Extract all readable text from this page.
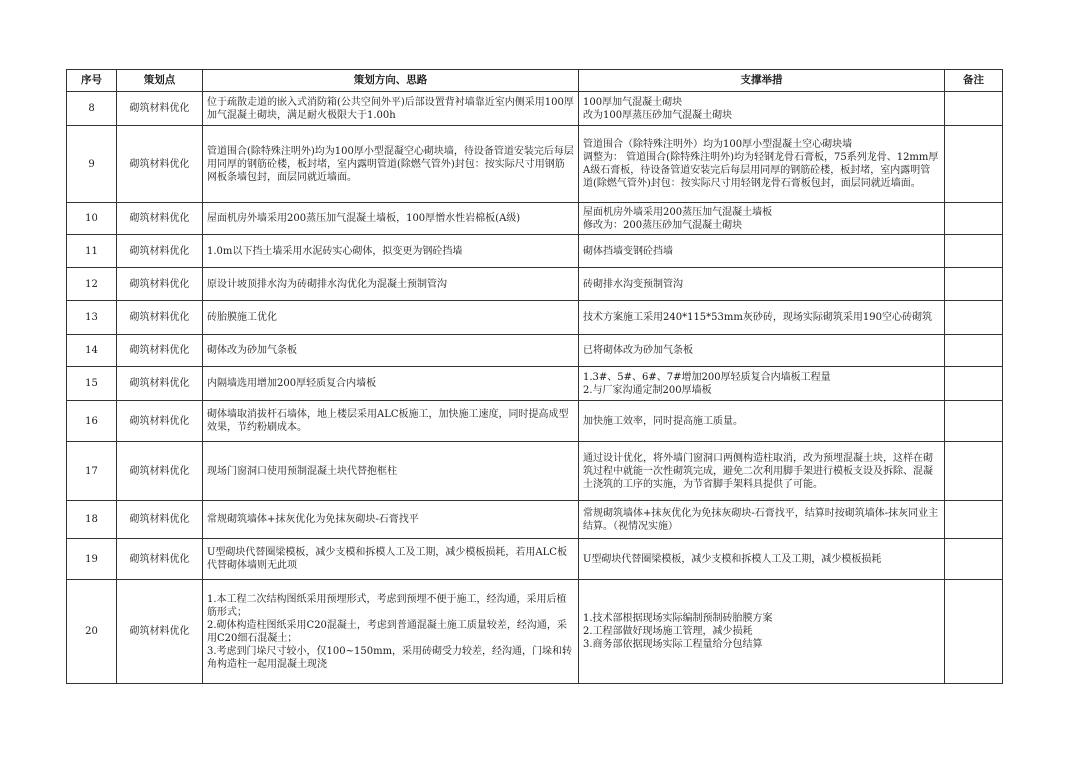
序号	策划点	策划方向、思路	支撑举措	备注
8	砌筑材料优化	位于疏散走道的嵌入式消防箱(公共空间外平)后部设置背衬墙靠近室内侧采用100厚加气混凝土砌块，满足耐火极限大于1.00h	100厚加气混凝土砌块
改为100厚蒸压砂加气混凝土砌块	
9	砌筑材料优化	管道围合(除特殊注明外)均为100厚小型混凝空心砌块墙，待设备管道安装完后每层用同厚的钢筋砼楼，板封堵，室内露明管道(除燃气管外)封包：按实际尺寸用钢筋网板条墙包封，面层同就近墙面。	管道围合（除特殊注明外）均为100厚小型混凝土空心砌块墙
调整为： 管道围合(除特殊注明外)均为轻钢龙骨石膏板，75系列龙骨、12mm厚A级石膏板，待设备管道安装完后每层用同厚的钢筋砼楼，板封堵，室内露明管道(除燃气管外)封包：按实际尺寸用轻钢龙骨石膏板包封，面层同就近墙面。	
10	砌筑材料优化	屋面机房外墙采用200蒸压加气混凝土墙板，100厚憎水性岩棉板(A级)	屋面机房外墙采用200蒸压加气混凝土墙板
修改为：200蒸压砂加气混凝土砌块	
11	砌筑材料优化	1.0m以下挡土墙采用水泥砖实心砌体，拟变更为钢砼挡墙	砌体挡墙变钢砼挡墙	
12	砌筑材料优化	原设计坡顶排水沟为砖砌排水沟优化为混凝土预制管沟	砖砌排水沟变预制管沟	
13	砌筑材料优化	砖胎膜施工优化	技术方案施工采用240*115*53mm灰砂砖，现场实际砌筑采用190空心砖砌筑	
14	砌筑材料优化	砌体改为砂加气条板	已将砌体改为砂加气条板	
15	砌筑材料优化	内隔墙选用增加200厚轻质复合内墙板	1.3#、5#、6#、7#增加200厚轻质复合内墙板工程量
2.与厂家沟通定制200厚墙板	
16	砌筑材料优化	砌体墙取消拔杆石墙体，地上楼层采用ALC板施工，加快施工速度，同时提高成型效果，节约粉刷成本。	加快施工效率，同时提高施工质量。	
17	砌筑材料优化	现场门窗洞口使用预制混凝土块代替抱框柱	通过设计优化，将外墙门窗洞口两侧构造柱取消，改为预埋混凝土块，这样在砌筑过程中就能一次性砌筑完成，避免二次利用脚手架进行模板支设及拆除、混凝土浇筑的工序的实施，为节省脚手架料具提供了可能。	
18	砌筑材料优化	常规砌筑墙体+抹灰优化为免抹灰砌块-石膏找平	常规砌筑墙体+抹灰优化为免抹灰砌块-石膏找平，结算时按砌筑墙体-抹灰同业主结算。（视情况实施）	
19	砌筑材料优化	U型砌块代替圈梁模板，减少支模和拆模人工及工期，减少模板损耗，若用ALC板代替砌体墙则无此项	U型砌块代替圈梁模板，减少支模和拆模人工及工期，减少模板损耗	
20	砌筑材料优化	1.本工程二次结构图纸采用预埋形式，考虑到预埋不便于施工，经沟通，采用后植筋形式；
2.砌体构造柱图纸采用C20混凝土，考虑到普通混凝土施工质量较差，经沟通，采用C20细石混凝土；
3.考虑到门垛尺寸较小，仅100~150mm，采用砖砌受力较差，经沟通，门垛和转角构造柱一起用混凝土现浇	1.技术部根据现场实际编制预制砖胎膜方案
2.工程部做好现场施工管理，减少损耗
3.商务部依据现场实际工程量给分包结算	
